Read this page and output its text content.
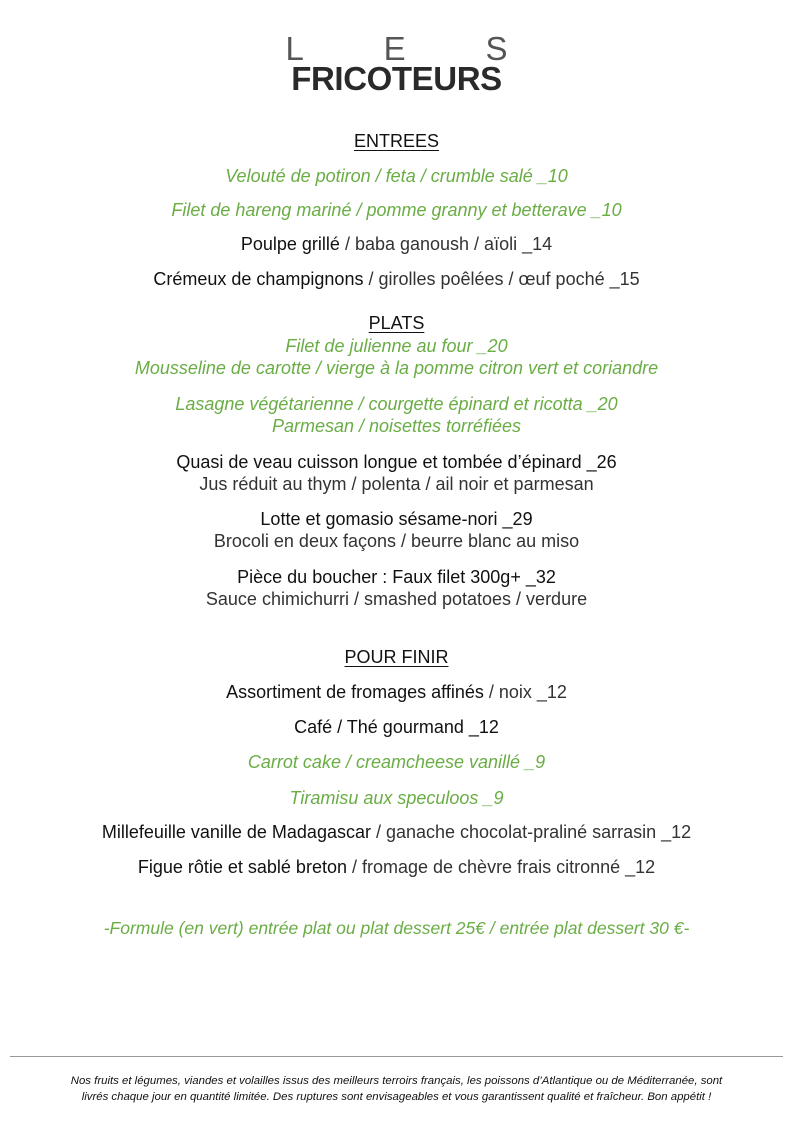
L E S
FRICOTEURS
ENTREES
Velouté de potiron / feta / crumble salé _10
Filet de hareng mariné / pomme granny et betterave _10
Poulpe grillé / baba ganoush / aïoli _14
Crémeux de champignons / girolles poêlées / œuf poché _15
PLATS
Filet de julienne au four _20
Mousseline de carotte / vierge à la pomme citron vert et coriandre
Lasagne végétarienne / courgette épinard et ricotta _20
Parmesan / noisettes torréfiées
Quasi de veau cuisson longue et tombée d’épinard _26
Jus réduit au thym / polenta / ail noir et parmesan
Lotte et gomasio sésame-nori _29
Brocoli en deux façons / beurre blanc au miso
Pièce du boucher : Faux filet 300g+ _32
Sauce chimichurri / smashed potatoes / verdure
POUR FINIR
Assortiment de fromages affinés / noix _12
Café / Thé gourmand _12
Carrot cake / creamcheese vanillé _9
Tiramisu aux speculoos _9
Millefeuille vanille de Madagascar / ganache chocolat-praliné sarrasin _12
Figue rôtie et sablé breton / fromage de chèvre frais citronné _12
-Formule (en vert) entrée plat ou plat dessert 25€ / entrée plat dessert 30 €-
Nos fruits et légumes, viandes et volailles issus des meilleurs terroirs français, les poissons d’Atlantique ou de Méditerranée, sont
livrés chaque jour en quantité limitée. Des ruptures sont envisageables et vous garantissent qualité et fraîcheur. Bon appétit !
